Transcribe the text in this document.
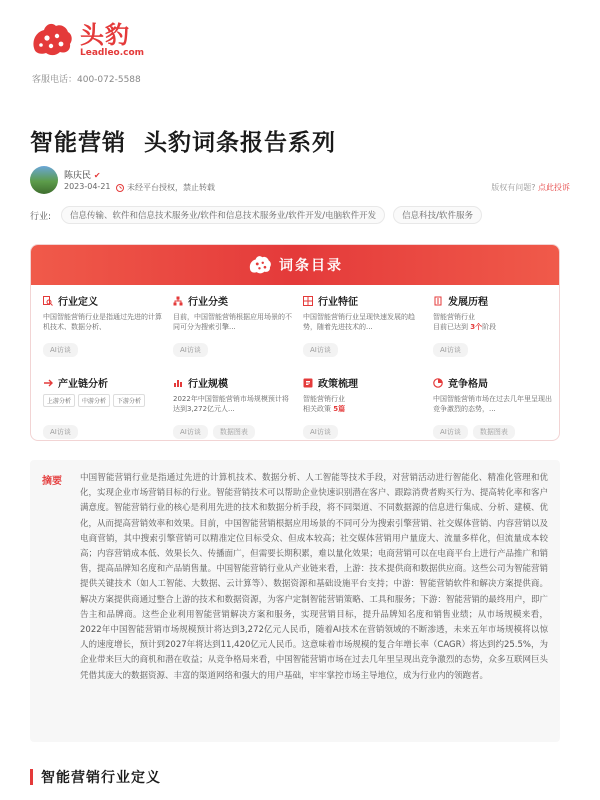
头豹
Leadleo.com
客服电话：400-072-5588
智能营销  头豹词条报告系列
陈庆民 ✔
2023-04-21 未经平台授权，禁止转载	版权有问题? 点此投诉
行业:	信息传输、软件和信息技术服务业/软件和信息技术服务业/软件开发/电脑软件开发	信息科技/软件服务
词条目录
行业定义
中国智能营销行业是指通过先进的计算机技术、数据分析、
AI访谈
行业分类
目前，中国智能营销根据应用场景的不同可分为搜索引擎...
AI访谈
行业特征
中国智能营销行业呈现快速发展的趋势，随着先进技术的...
AI访谈
发展历程
智能营销行业
目前已达到 3个阶段
AI访谈
产业链分析
上游分析	中游分析	下游分析
AI访谈
行业规模
2022年中国智能营销市场规模预计将达到3,272亿元人...
AI访谈	数据图表
政策梳理
智能营销行业
相关政策 5篇
AI访谈
竞争格局
中国智能营销市场在过去几年里呈现出竞争激烈的态势，...
AI访谈	数据图表
摘要 中国智能营销行业是指通过先进的计算机技术、数据分析、人工智能等技术手段，对营销活动进行智能化、精准化管理和优化，实现企业市场营销目标的行业。智能营销技术可以帮助企业快速识别潜在客户、跟踪消费者购买行为、提高转化率和客户满意度。智能营销行业的核心是利用先进的技术和数据分析手段，将不同渠道、不同数据源的信息进行集成、分析、建模、优化，从而提高营销效率和效果。目前，中国智能营销根据应用场景的不同可分为搜索引擎营销、社交媒体营销、内容营销以及电商营销，其中搜索引擎营销可以精准定位目标受众、但成本较高；社交媒体营销用户量庞大、流量多样化，但流量成本较高；内容营销成本低、效果长久、传播面广，但需要长期积累，难以量化效果；电商营销可以在电商平台上进行产品推广和销售，提高品牌知名度和产品销售量。中国智能营销行业从产业链来看，上游：技术提供商和数据供应商。这些公司为智能营销提供关键技术（如人工智能、大数据、云计算等）、数据资源和基础设施平台支持；中游：智能营销软件和解决方案提供商。解决方案提供商通过整合上游的技术和数据资源，为客户定制智能营销策略、工具和服务；下游：智能营销的最终用户，即广告主和品牌商。这些企业利用智能营销解决方案和服务，实现营销目标，提升品牌知名度和销售业绩；从市场规模来看，2022年中国智能营销市场规模预计将达到3,272亿元人民币，随着AI技术在营销领域的不断渗透，未来五年市场规模将以惊人的速度增长，预计到2027年将达到11,420亿元人民币。这意味着市场规模的复合年增长率（CAGR）将达到约25.5%，为企业带来巨大的商机和潜在收益；从竞争格局来看，中国智能营销市场在过去几年里呈现出竞争激烈的态势，众多互联网巨头凭借其庞大的数据资源、丰富的渠道网络和强大的用户基础，牢牢掌控市场主导地位，成为行业内的领跑者。
智能营销行业定义
